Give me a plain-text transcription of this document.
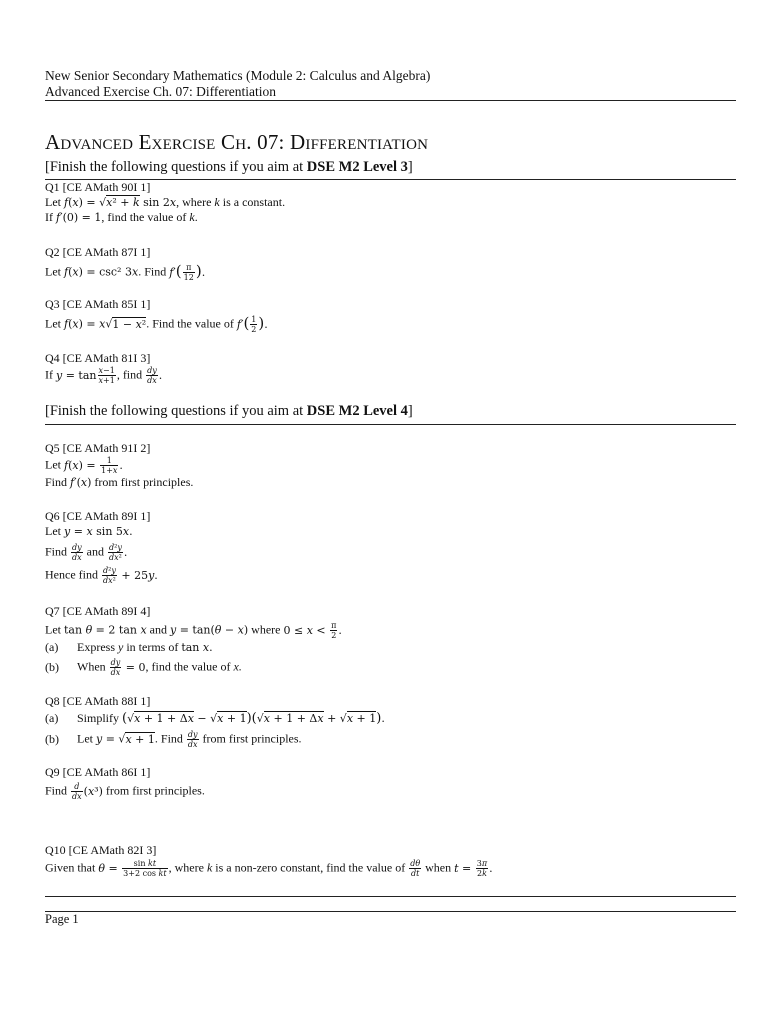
New Senior Secondary Mathematics (Module 2: Calculus and Algebra)
Advanced Exercise Ch. 07: Differentiation
Advanced Exercise Ch. 07: Differentiation
[Finish the following questions if you aim at DSE M2 Level 3]
Q1 [CE AMath 90I 1]
Let f(x) = √x² + k sin 2x, where k is a constant.
If f′(0) = 1, find the value of k.
Q2 [CE AMath 87I 1]
Let f(x) = csc² 3x. Find $f'( \frac{\pi}{12}$ ).
Q3 [CE AMath 85I 1]
Let f(x) = x√1 − x². Find the value of $f'( \frac{1}{2}$ ).
Q4 [CE AMath 81I 3]
If $y = \tan \frac{x-1}{x+1}$ , find $\frac{dy}{dx}$ .
[Finish the following questions if you aim at DSE M2 Level 4]
Q5 [CE AMath 91I 2]
Let $f(x) = \frac{1}{1+x}$ .
Find f′(x) from first principles.
Q6 [CE AMath 89I 1]
Let y = x sin 5x.
Find $\frac{dy}{dx}$ and $\frac{\text{d²y}}{\text{dx²}}$ .
Hence find $\frac{\text{d²y}}{\text{dx²}} + 25y$.
Q7 [CE AMath 89I 4]
Let tan θ = 2 tan x and y = tan(θ − x) where $0 \le x < \frac{\pi}{2}$ .
(a) Express y in terms of tan x.
(b) When $\frac{dy}{dx} = 0$, find the value of x.
Q8 [CE AMath 88I 1]
(a) Simplify (√x + 1 + Δx − √x + 1)(√x + 1 + Δx + √x + 1).
(b) Let y = √x + 1. Find $\frac{dy}{dx}$ from first principles.
Q9 [CE AMath 86I 1]
Find $\frac{d}{dx} (x^3)$ from first principles.
Q10 [CE AMath 82I 3]
Given that $\theta = \frac{\text{sin kt}}{\text{3+2 cos kt}}$ , where k is a non-zero constant, find the value of $\frac{d\theta}{dt}$ when $t = \frac{3\pi}{2k}$ .
Page 1
